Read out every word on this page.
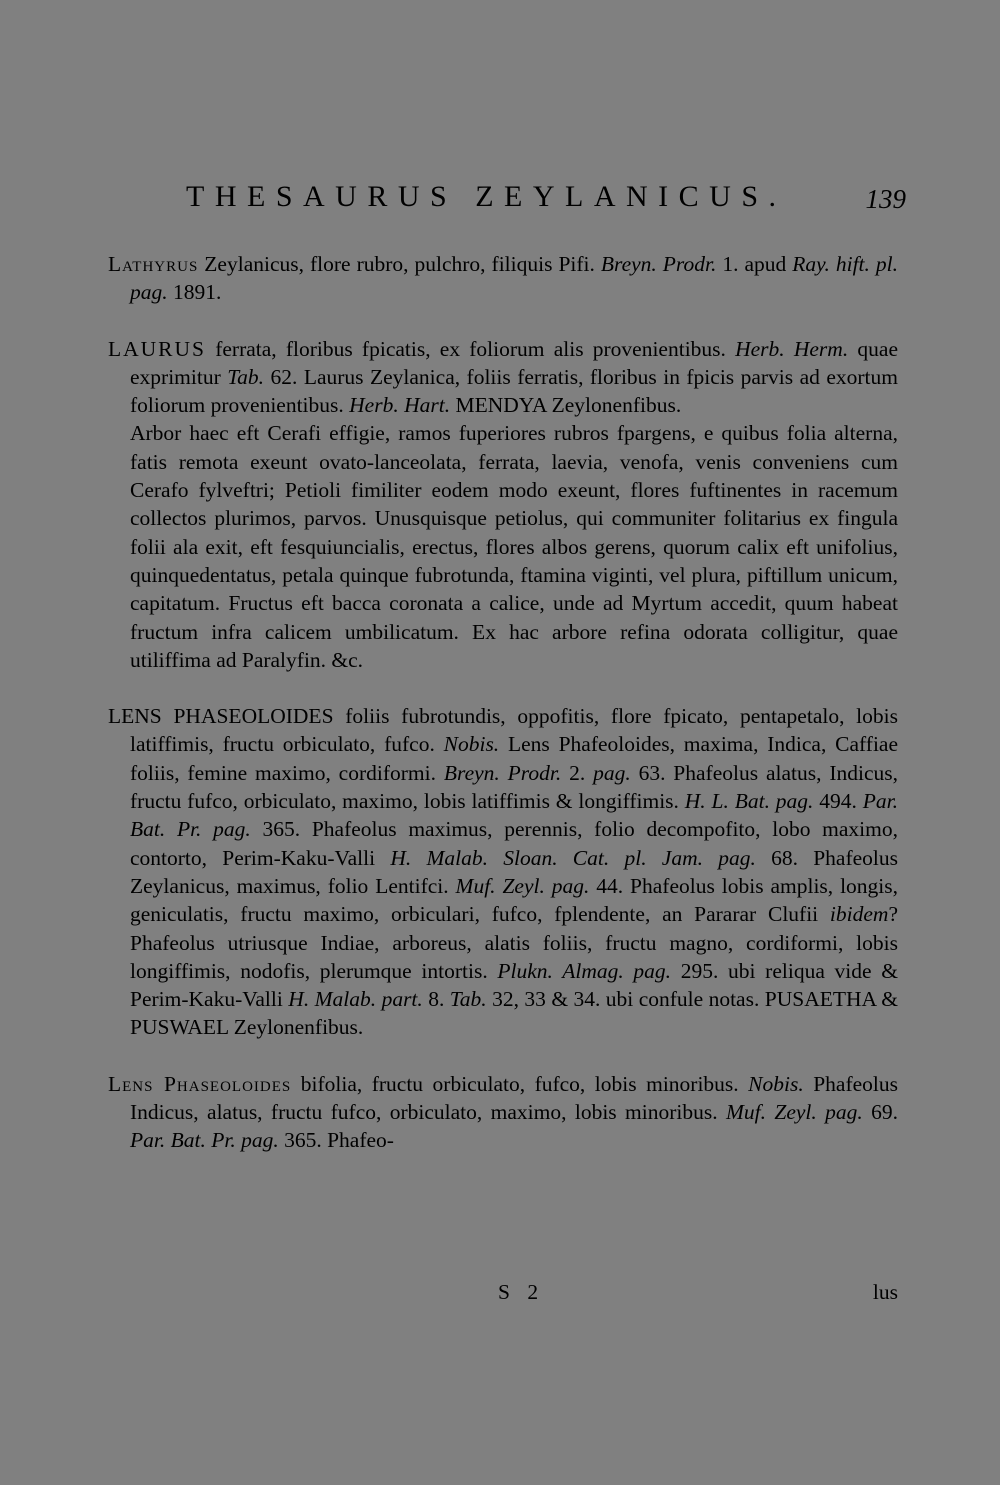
THESAURUS ZEYLANICUS.	139

Lathyrus Zeylanicus, flore rubro, pulchro, filiquis Pifi. Breyn. Prodr. 1. apud Ray. hift. pl. pag. 1891.

LAURUS ferrata, floribus fpicatis, ex foliorum alis provenientibus. Herb. Herm. quae exprimitur Tab. 62. Laurus Zeylanica, foliis ferratis, floribus in fpicis parvis ad exortum foliorum provenientibus. Herb. Hart. MENDYA Zeylonenfibus.
Arbor haec eft Cerafi effigie, ramos fuperiores rubros fpargens, e quibus folia alterna, fatis remota exeunt ovato-lanceolata, ferrata, laevia, venofa, venis conveniens cum Cerafo fylveftri; Petioli fimiliter eodem modo exeunt, flores fuftinentes in racemum collectos plurimos, parvos. Unusquisque petiolus, qui communiter folitarius ex fingula folii ala exit, eft fesquiuncialis, erectus, flores albos gerens, quorum calix eft unifolius, quinquedentatus, petala quinque fubrotunda, ftamina viginti, vel plura, piftillum unicum, capitatum. Fructus eft bacca coronata a calice, unde ad Myrtum accedit, quum habeat fructum infra calicem umbilicatum. Ex hac arbore refina odorata colligitur, quae utiliffima ad Paralyfin. &c.

LENS PHASEOLOIDES foliis fubrotundis, oppofitis, flore fpicato, pentapetalo, lobis latiffimis, fructu orbiculato, fufco. Nobis. Lens Phafeoloides, maxima, Indica, Caffiae foliis, femine maximo, cordiformi. Breyn. Prodr. 2. pag. 63. Phafeolus alatus, Indicus, fructu fufco, orbiculato, maximo, lobis latiffimis & longiffimis. H. L. Bat. pag. 494. Par. Bat. Pr. pag. 365. Phafeolus maximus, perennis, folio decompofito, lobo maximo, contorto, Perim-Kaku-Valli H. Malab. Sloan. Cat. pl. Jam. pag. 68. Phafeolus Zeylanicus, maximus, folio Lentifci. Muf. Zeyl. pag. 44. Phafeolus lobis amplis, longis, geniculatis, fructu maximo, orbiculari, fufco, fplendente, an Pararar Clufii ibidem? Phafeolus utriusque Indiae, arboreus, alatis foliis, fructu magno, cordiformi, lobis longiffimis, nodofis, plerumque intortis. Plukn. Almag. pag. 295. ubi reliqua vide & Perim-Kaku-Valli H. Malab. part. 8. Tab. 32, 33 & 34. ubi confule notas. PUSAETHA & PUSWAEL Zeylonenfibus.

Lens Phaseoloides bifolia, fructu orbiculato, fufco, lobis minoribus. Nobis. Phafeolus Indicus, alatus, fructu fufco, orbiculato, maximo, lobis minoribus. Muf. Zeyl. pag. 69. Par. Bat. Pr. pag. 365. Phafeo-

S 2	lus
